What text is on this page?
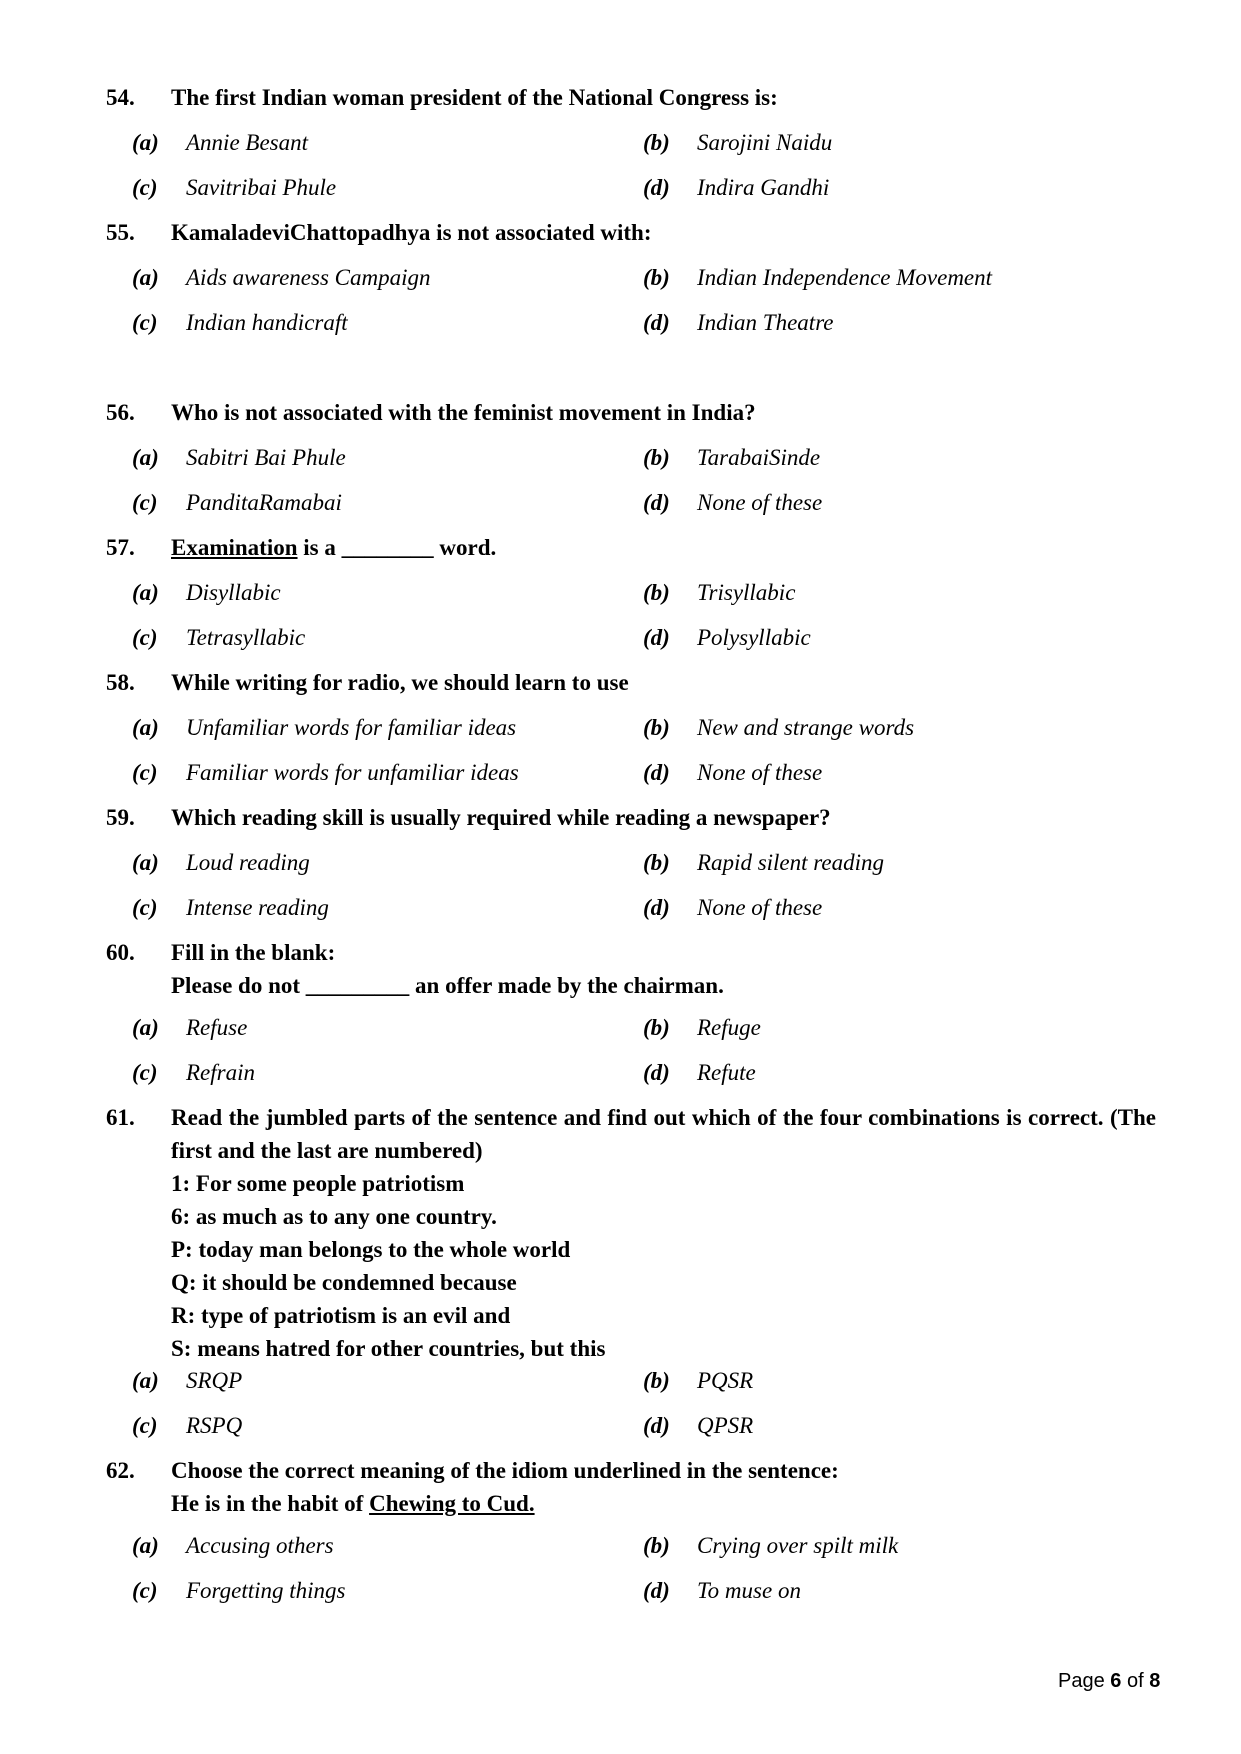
54. The first Indian woman president of the National Congress is:
(a) Annie Besant	(b) Sarojini Naidu
(c) Savitribai Phule	(d) Indira Gandhi
55. KamaladeviChattopadhya is not associated with:
(a) Aids awareness Campaign	(b) Indian Independence Movement
(c) Indian handicraft	(d) Indian Theatre
56. Who is not associated with the feminist movement in India?
(a) Sabitri Bai Phule	(b) TarabaiSinde
(c) PanditaRamabai	(d) None of these
57. Examination is a ________ word.
(a) Disyllabic	(b) Trisyllabic
(c) Tetrasyllabic	(d) Polysyllabic
58. While writing for radio, we should learn to use
(a) Unfamiliar words for familiar ideas	(b) New and strange words
(c) Familiar words for unfamiliar ideas	(d) None of these
59. Which reading skill is usually required while reading a newspaper?
(a) Loud reading	(b) Rapid silent reading
(c) Intense reading	(d) None of these
60. Fill in the blank:
Please do not _________ an offer made by the chairman.
(a) Refuse	(b) Refuge
(c) Refrain	(d) Refute
61. Read the jumbled parts of the sentence and find out which of the four combinations is correct. (The first and the last are numbered)
1: For some people patriotism
6: as much as to any one country.
P: today man belongs to the whole world
Q: it should be condemned because
R: type of patriotism is an evil and
S: means hatred for other countries, but this
(a) SRQP	(b) PQSR
(c) RSPQ	(d) QPSR
62. Choose the correct meaning of the idiom underlined in the sentence:
He is in the habit of Chewing to Cud.
(a) Accusing others	(b) Crying over spilt milk
(c) Forgetting things	(d) To muse on
Page 6 of 8
